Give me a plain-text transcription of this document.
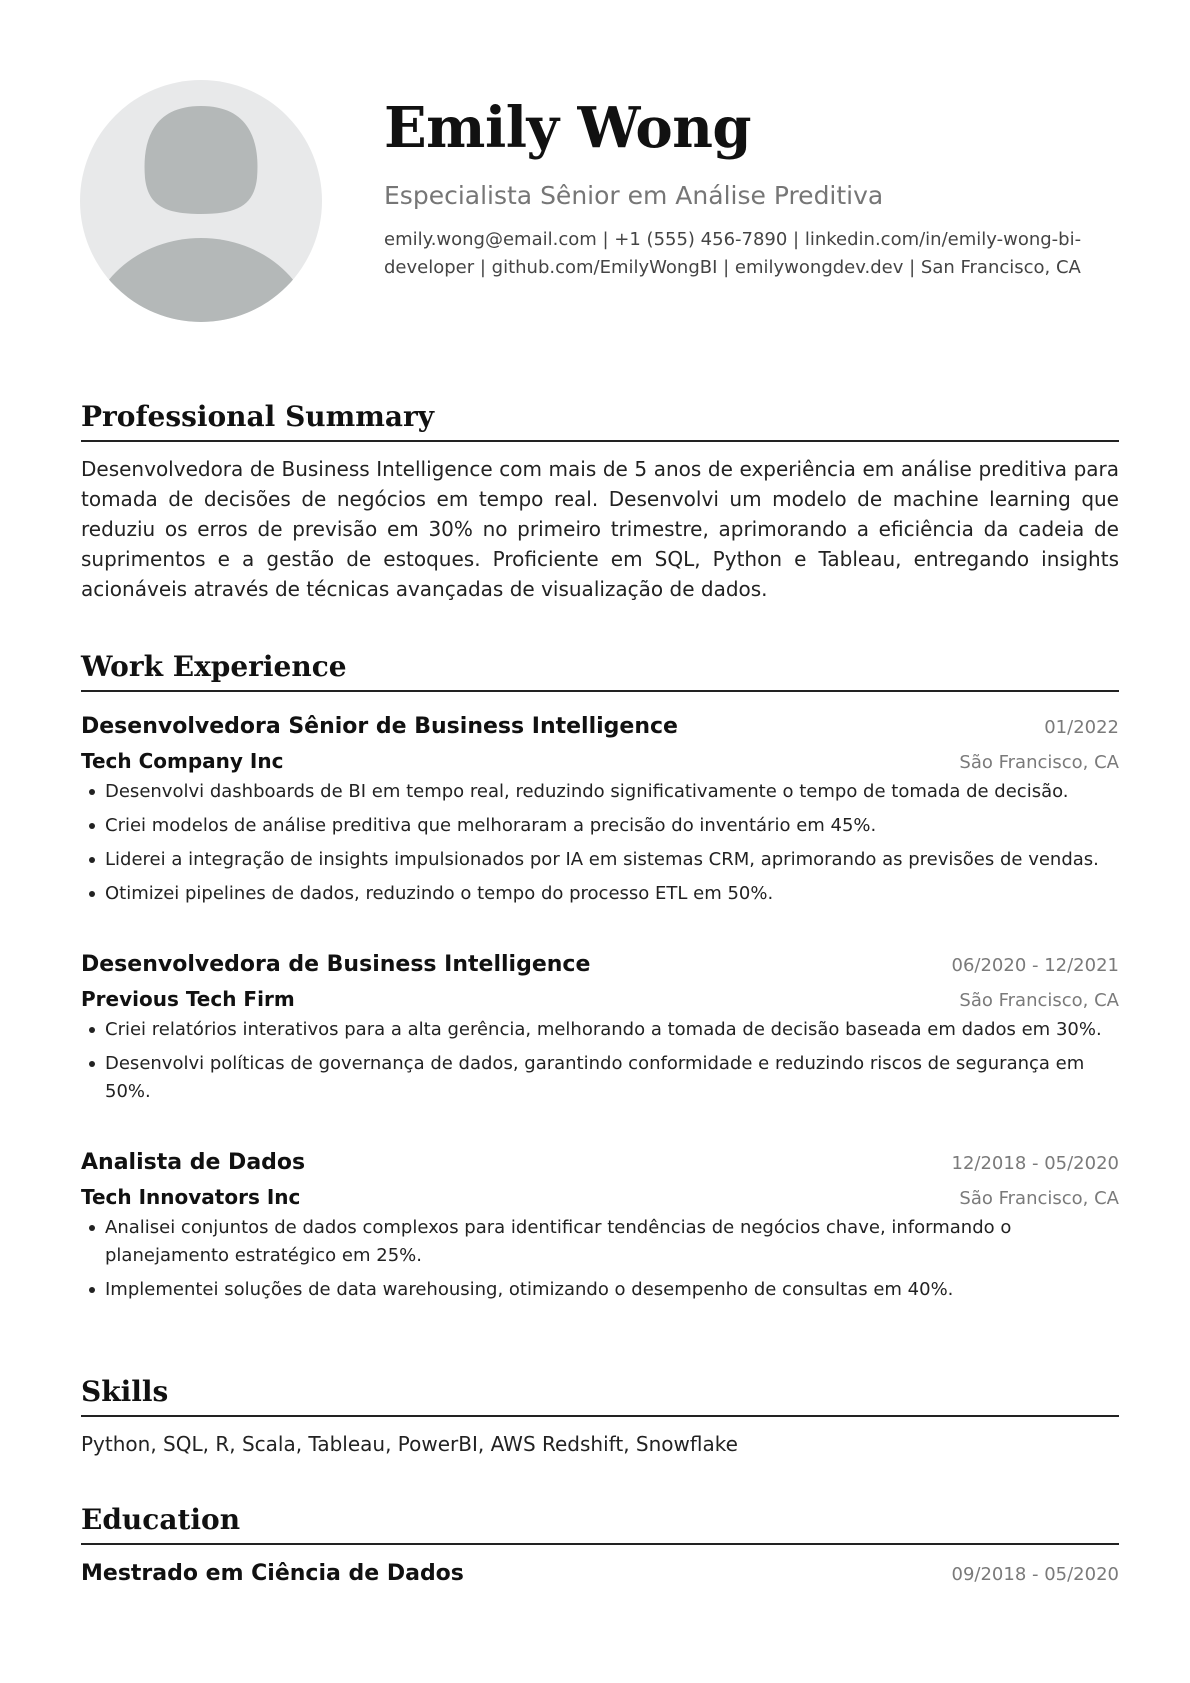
Emily Wong
Especialista Sênior em Análise Preditiva
emily.wong@email.com | +1 (555) 456-7890 | linkedin.com/in/emily-wong-bi-developer | github.com/EmilyWongBI | emilywongdev.dev | San Francisco, CA
Professional Summary
Desenvolvedora de Business Intelligence com mais de 5 anos de experiência em análise preditiva para tomada de decisões de negócios em tempo real. Desenvolvi um modelo de machine learning que reduziu os erros de previsão em 30% no primeiro trimestre, aprimorando a eficiência da cadeia de suprimentos e a gestão de estoques. Proficiente em SQL, Python e Tableau, entregando insights acionáveis através de técnicas avançadas de visualização de dados.
Work Experience
Desenvolvedora Sênior de Business Intelligence	01/2022
Tech Company Inc	São Francisco, CA
Desenvolvi dashboards de BI em tempo real, reduzindo significativamente o tempo de tomada de decisão.
Criei modelos de análise preditiva que melhoraram a precisão do inventário em 45%.
Liderei a integração de insights impulsionados por IA em sistemas CRM, aprimorando as previsões de vendas.
Otimizei pipelines de dados, reduzindo o tempo do processo ETL em 50%.
Desenvolvedora de Business Intelligence	06/2020 - 12/2021
Previous Tech Firm	São Francisco, CA
Criei relatórios interativos para a alta gerência, melhorando a tomada de decisão baseada em dados em 30%.
Desenvolvi políticas de governança de dados, garantindo conformidade e reduzindo riscos de segurança em 50%.
Analista de Dados	12/2018 - 05/2020
Tech Innovators Inc	São Francisco, CA
Analisei conjuntos de dados complexos para identificar tendências de negócios chave, informando o planejamento estratégico em 25%.
Implementei soluções de data warehousing, otimizando o desempenho de consultas em 40%.
Skills
Python, SQL, R, Scala, Tableau, PowerBI, AWS Redshift, Snowflake
Education
Mestrado em Ciência de Dados	09/2018 - 05/2020
